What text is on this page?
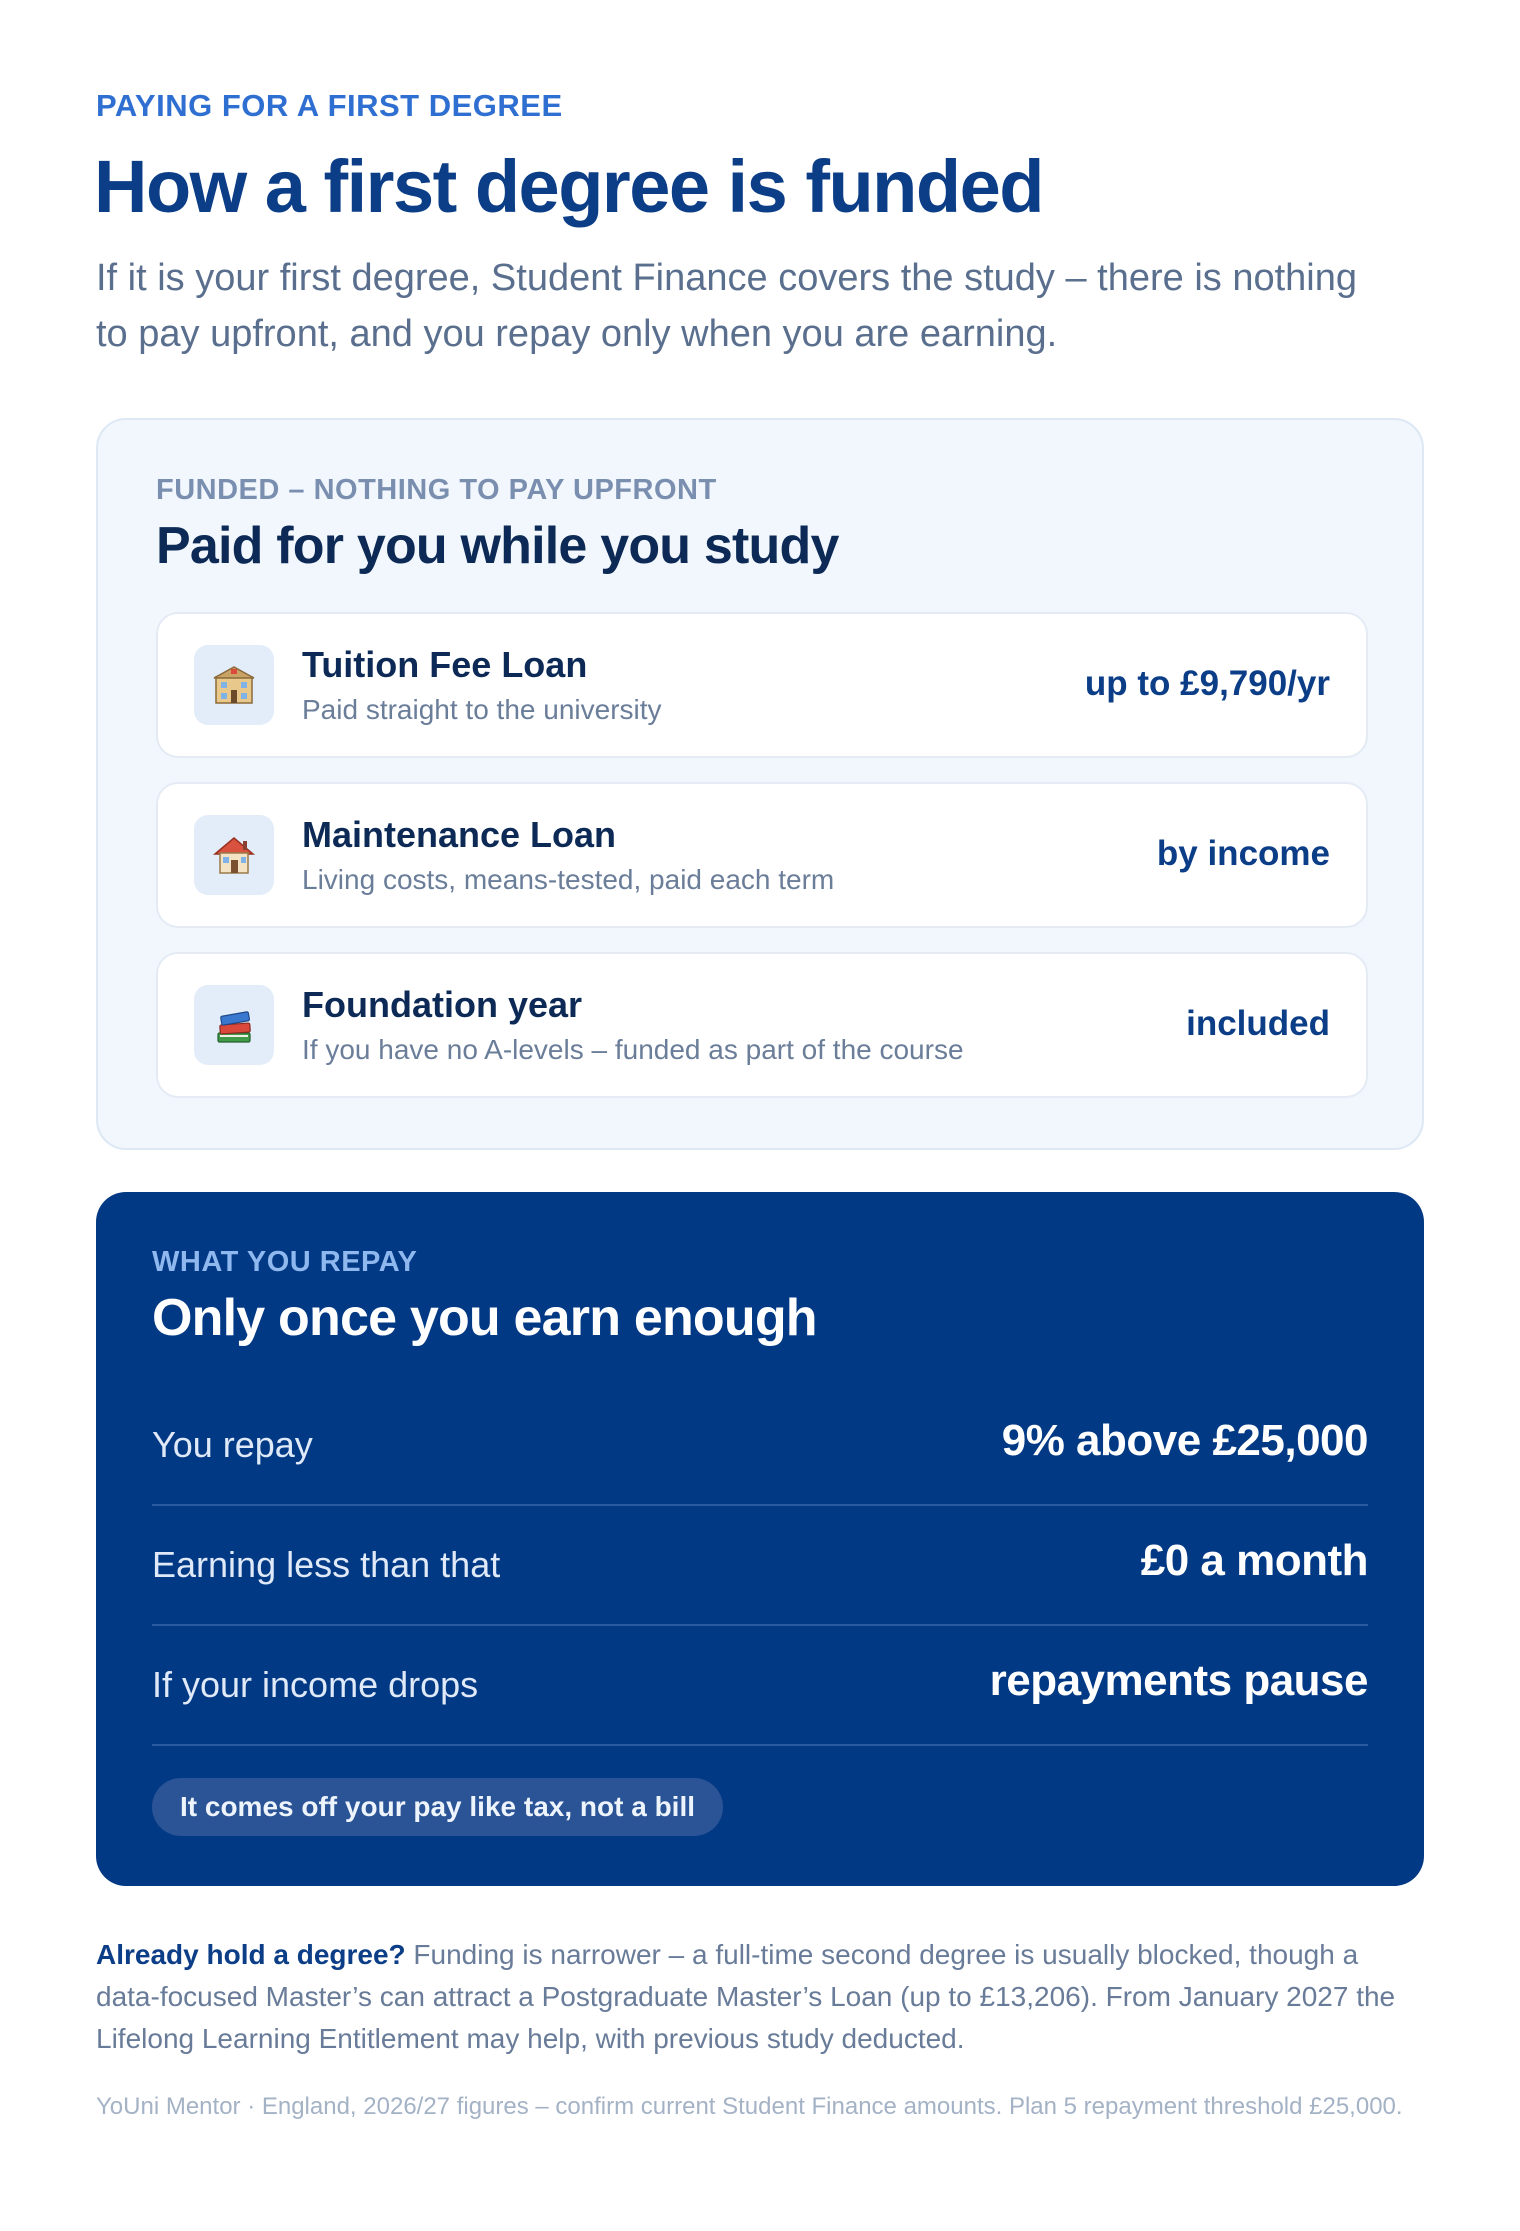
PAYING FOR A FIRST DEGREE
How a first degree is funded

If it is your first degree, Student Finance covers the study – there is nothing to pay upfront, and you repay only when you are earning.

FUNDED – NOTHING TO PAY UPFRONT
Paid for you while you study
Tuition Fee Loan
Paid straight to the university
up to £9,790/yr
Maintenance Loan
Living costs, means-tested, paid each term
by income
Foundation year
If you have no A-levels – funded as part of the course
included
WHAT YOU REPAY
Only once you earn enough
You repay	9% above £25,000
Earning less than that	£0 a month
If your income drops	repayments pause
It comes off your pay like tax, not a bill

Already hold a degree? Funding is narrower – a full-time second degree is usually blocked, though a data-focused Master’s can attract a Postgraduate Master’s Loan (up to £13,206). From January 2027 the Lifelong Learning Entitlement may help, with previous study deducted.

YoUni Mentor · England, 2026/27 figures – confirm current Student Finance amounts. Plan 5 repayment threshold £25,000.
